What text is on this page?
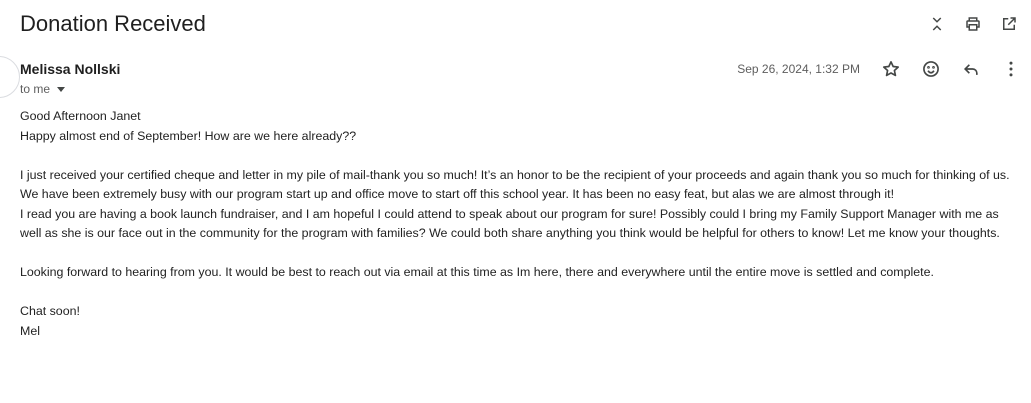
Donation Received
Melissa Nollski
to me
Sep 26, 2024, 1:32 PM

Good Afternoon Janet

Happy almost end of September! How are we here already??

I just received your certified cheque and letter in my pile of mail-thank you so much! It’s an honor to be the recipient of your proceeds and again thank you so much for thinking of us. We have been extremely busy with our program start up and office move to start off this school year. It has been no easy feat, but alas we are almost through it!

I read you are having a book launch fundraiser, and I am hopeful I could attend to speak about our program for sure! Possibly could I bring my Family Support Manager with me as well as she is our face out in the community for the program with families? We could both share anything you think would be helpful for others to know! Let me know your thoughts.

Looking forward to hearing from you. It would be best to reach out via email at this time as Im here, there and everywhere until the entire move is settled and complete.

Chat soon!

Mel
